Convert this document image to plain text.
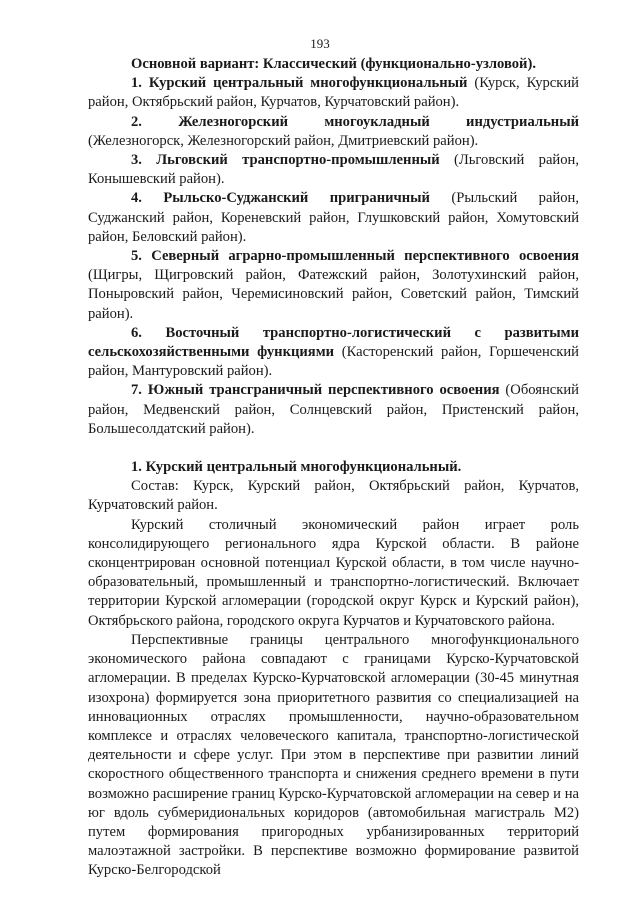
193

Основной вариант: Классический (функционально-узловой).

1. Курский центральный многофункциональный (Курск, Курский район, Октябрьский район, Курчатов, Курчатовский район).

2. Железногорский многоукладный индустриальный (Железногорск, Железногорский район, Дмитриевский район).

3. Льговский транспортно-промышленный (Льговский район, Конышевский район).

4. Рыльско-Суджанский приграничный (Рыльский район, Суджанский район, Кореневский район, Глушковский район, Хомутовский район, Беловский район).

5. Северный аграрно-промышленный перспективного освоения (Щигры, Щигровский район, Фатежский район, Золотухинский район, Поныровский район, Черемисиновский район, Советский район, Тимский район).

6. Восточный транспортно-логистический с развитыми сельскохозяйственными функциями (Касторенский район, Горшеченский район, Мантуровский район).

7. Южный трансграничный перспективного освоения (Обоянский район, Медвенский район, Солнцевский район, Пристенский район, Большесолдатский район).

1. Курский центральный многофункциональный.

Состав: Курск, Курский район, Октябрьский район, Курчатов, Курчатовский район.

Курский столичный экономический район играет роль консолидирующего регионального ядра Курской области. В районе сконцентрирован основной потенциал Курской области, в том числе научно-образовательный, промышленный и транспортно-логистический. Включает территории Курской агломерации (городской округ Курск и Курский район), Октябрьского района, городского округа Курчатов и Курчатовского района.

Перспективные границы центрального многофункционального экономического района совпадают с границами Курско-Курчатовской агломерации. В пределах Курско-Курчатовской агломерации (30-45 минутная изохрона) формируется зона приоритетного развития со специализацией на инновационных отраслях промышленности, научно-образовательном комплексе и отраслях человеческого капитала, транспортно-логистической деятельности и сфере услуг. При этом в перспективе при развитии линий скоростного общественного транспорта и снижения среднего времени в пути возможно расширение границ Курско-Курчатовской агломерации на север и на юг вдоль субмеридиональных коридоров (автомобильная магистраль М2) путем формирования пригородных урбанизированных территорий малоэтажной застройки. В перспективе возможно формирование развитой Курско-Белгородской
